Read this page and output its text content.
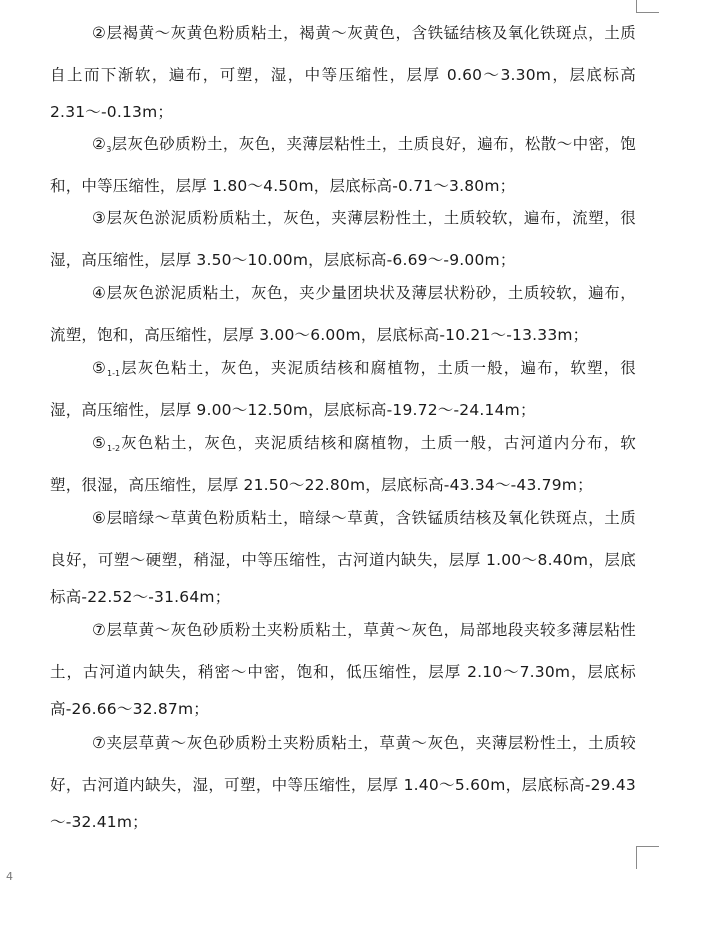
②层褐黄～灰黄色粉质粘土，褐黄～灰黄色，含铁锰结核及氧化铁斑点，土质自上而下渐软，遍布，可塑，湿，中等压缩性，层厚 0.60～3.30m，层底标高 2.31～-0.13m；

$②_3$层灰色砂质粉土，灰色，夹薄层粘性土，土质良好，遍布，松散～中密，饱和，中等压缩性，层厚 1.80～4.50m，层底标高-0.71～3.80m；

③层灰色淤泥质粉质粘土，灰色，夹薄层粉性土，土质较软，遍布，流塑，很湿，高压缩性，层厚 3.50～10.00m，层底标高-6.69～-9.00m；

④层灰色淤泥质粘土，灰色，夹少量团块状及薄层状粉砂，土质较软，遍布，流塑，饱和，高压缩性，层厚 3.00～6.00m，层底标高-10.21～-13.33m；

$⑤_{1-1}$层灰色粘土，灰色，夹泥质结核和腐植物，土质一般，遍布，软塑，很湿，高压缩性，层厚 9.00～12.50m，层底标高-19.72～-24.14m；

$⑤_{1-2}$灰色粘土，灰色，夹泥质结核和腐植物，土质一般，古河道内分布，软塑，很湿，高压缩性，层厚 21.50～22.80m，层底标高-43.34～-43.79m；

⑥层暗绿～草黄色粉质粘土，暗绿～草黄，含铁锰质结核及氧化铁斑点，土质良好，可塑～硬塑，稍湿，中等压缩性，古河道内缺失，层厚 1.00～8.40m，层底标高-22.52～-31.64m；

⑦层草黄～灰色砂质粉土夹粉质粘土，草黄～灰色，局部地段夹较多薄层粘性土，古河道内缺失，稍密～中密，饱和，低压缩性，层厚 2.10～7.30m，层底标高-26.66～32.87m；

⑦夹层草黄～灰色砂质粉土夹粉质粘土，草黄～灰色，夹薄层粉性土，土质较好，古河道内缺失，湿，可塑，中等压缩性，层厚 1.40～5.60m，层底标高-29.43～-32.41m；

4
